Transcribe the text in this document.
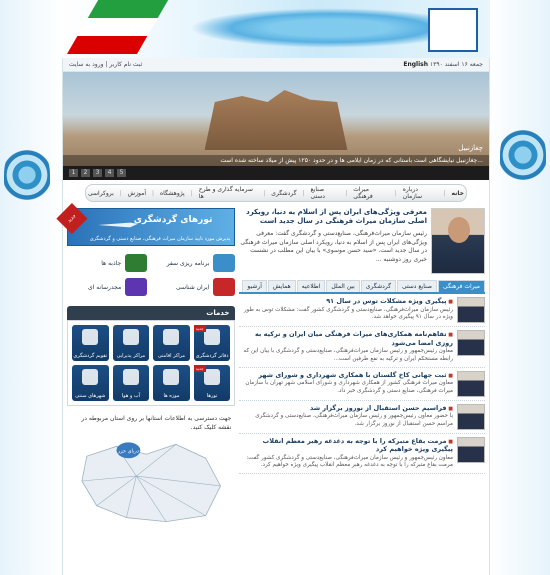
ثبت نام کاربر | ورود به سایت	English جمعه ۱۶ اسفند ۱۳۹۰
چغازنبیل
چغازنبیل نیایشگاهی است باستانی که در زمان ایلامی ها و در حدود ۱۲۵۰ پیش از میلاد ساخته شده است...
1	2	3	4	5
خانه
|
درباره سازمان
|
میراث فرهنگی
|
صنایع دستی
|
گردشگری
|
سرمایه گذاری و طرح ها
|
پژوهشگاه
|
آموزش
|
بروکراسی
معرفی ویژگی‌های ایران پس از اسلام به دنیا، رویکرد اصلی سازمان میراث فرهنگی در سال جدید است
رئیس سازمان میراث‌فرهنگی، صنایع‌دستی و گردشگری گفت: معرفی ویژگی‌های ایران پس از اسلام به دنیا، رویکرد اصلی سازمان میراث فرهنگی در سال جدید است. «سید حسن موسوی» با بیان این مطلب در نشست خبری روز دوشنبه ...
میراث فرهنگی
صنایع دستی
گردشگری
بین الملل
اطلاعیه
همایش
آرشیو
■ پیگیری ویژه مشکلات توس در سال ۹۱
رئیس سازمان میراث‌فرهنگی، صنایع‌دستی و گردشگری کشور گفت: مشکلات توس به طور ویژه در سال ۹۱ پیگیری خواهد شد.
■ تفاهم‌نامه همکاری‌های میراث فرهنگی میان ایران و ترکیه به روزی امضا می‌شود
معاون رئیس‌جمهور و رئیس سازمان میراث‌فرهنگی، صنایع‌دستی و گردشگری با بیان این که رابطه مستحکم ایران و ترکیه به نفع طرفین است...
■ ثبت جهانی کاخ گلستان با همکاری شهرداری و شورای شهر
معاون میراث فرهنگی کشور از همکاری شهرداری و شورای اسلامی شهر تهران با سازمان میراث فرهنگی، صنایع دستی و گردشگری خبر داد.
■ فراسیم حسن استقبال از نوروز برگزار شد
با حضور معاون رئیس‌جمهور و رئیس سازمان میراث‌فرهنگی، صنایع‌دستی و گردشگری مراسم حسن استقبال از نوروز برگزار شد.
■ مرمت بقاع متبرکه را با توجه به دغدغه رهبر معظم انقلاب پیگیری ویژه خواهیم کرد
معاون رئیس‌جمهور و رئیس سازمان میراث‌فرهنگی، صنایع‌دستی و گردشگری کشور گفت: مرمت بقاع متبرکه را با توجه به دغدغه رهبر معظم انقلاب پیگیری ویژه خواهیم کرد.
جدید	تورهای گردشگری
پذیرش مورد تایید سازمان میراث فرهنگی، صنایع دستی و گردشگری
برنامه ریزی سفر
جاذبه ها
ایران شناسی
مجدرسانه ای
خدمات
جدید
دفاتر گردشگری
مراکز اقامتی
مراکز پذیرایی
تقویم گردشگری
جدید
تورها
موزه ها
آب و هوا
شهرهای سنتی
جهت دسترسی به اطلاعات استانها بر روی استان مربوطه در نقشه کلیک کنید.
دریای خزر
